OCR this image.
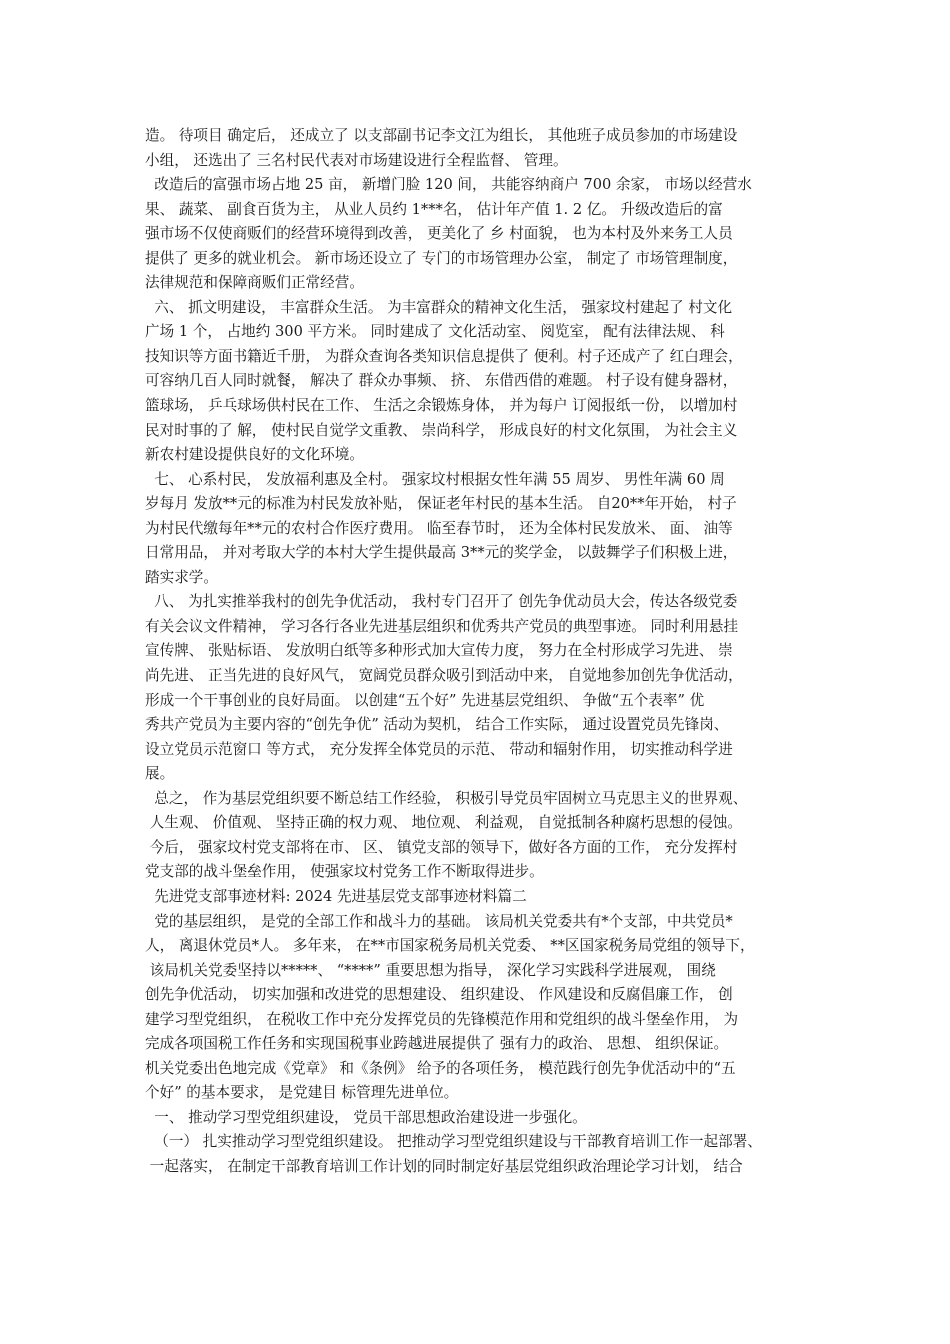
造。 待项目 确定后， 还成立了 以支部副书记李文江为组长， 其他班子成员参加的市场建设
小组， 还选出了 三名村民代表对市场建设进行全程监督、 管理。
改造后的富强市场占地 25 亩， 新增门脸 120 间， 共能容纳商户 700 余家， 市场以经营水
果、 蔬菜、 副食百货为主， 从业人员约 1***名， 估计年产值 1. 2 亿。 升级改造后的富
强市场不仅使商贩们的经营环境得到改善， 更美化了 乡 村面貌， 也为本村及外来务工人员
提供了 更多的就业机会。 新市场还设立了 专门的市场管理办公室， 制定了 市场管理制度，
法律规范和保障商贩们正常经营。
六、 抓文明建设， 丰富群众生活。 为丰富群众的精神文化生活， 强家坟村建起了 村文化
广场 1 个， 占地约 300 平方米。 同时建成了 文化活动室、 阅览室， 配有法律法规、 科
技知识等方面书籍近千册， 为群众查询各类知识信息提供了 便利。村子还成产了 红白理会，
可容纳几百人同时就餐， 解决了 群众办事频、 挤、 东借西借的难题。 村子设有健身器材，
篮球场， 乒乓球场供村民在工作、 生活之余锻炼身体， 并为每户 订阅报纸一份， 以增加村
民对时事的了 解， 使村民自觉学文重教、 崇尚科学， 形成良好的村文化氛围， 为社会主义
新农村建设提供良好的文化环境。
七、 心系村民， 发放福利惠及全村。 强家坟村根据女性年满 55 周岁、 男性年满 60 周
岁每月 发放**元的标准为村民发放补贴， 保证老年村民的基本生活。 自20**年开始， 村子
为村民代缴每年**元的农村合作医疗费用。 临至春节时， 还为全体村民发放米、 面、 油等
日常用品， 并对考取大学的本村大学生提供最高 3**元的奖学金， 以鼓舞学子们积极上进，
踏实求学。
八、 为扎实推举我村的创先争优活动， 我村专门召开了 创先争优动员大会，传达各级党委
有关会议文件精神， 学习各行各业先进基层组织和优秀共产党员的典型事迹。 同时利用悬挂
宣传牌、 张贴标语、 发放明白纸等多种形式加大宣传力度， 努力在全村形成学习先进、 崇
尚先进、 正当先进的良好风气， 宽阔党员群众吸引到活动中来， 自觉地参加创先争优活动，
形成一个干事创业的良好局面。 以创建“五个好” 先进基层党组织、 争做“五个表率” 优
秀共产党员为主要内容的“创先争优” 活动为契机， 结合工作实际， 通过设置党员先锋岗、
设立党员示范窗口 等方式， 充分发挥全体党员的示范、 带动和辐射作用， 切实推动科学进
展。
总之， 作为基层党组织要不断总结工作经验， 积极引导党员牢固树立马克思主义的世界观、
人生观、 价值观、 坚持正确的权力观、 地位观、 利益观， 自觉抵制各种腐朽思想的侵蚀。
今后， 强家坟村党支部将在市、 区、 镇党支部的领导下，做好各方面的工作， 充分发挥村
党支部的战斗堡垒作用， 使强家坟村党务工作不断取得进步。
先进党支部事迹材料: 2024 先进基层党支部事迹材料篇二
党的基层组织， 是党的全部工作和战斗力的基础。 该局机关党委共有*个支部，中共党员*
人， 离退休党员*人。 多年来， 在**市国家税务局机关党委、 **区国家税务局党组的领导下，
该局机关党委坚持以*****、 “****” 重要思想为指导， 深化学习实践科学进展观， 围绕
创先争优活动， 切实加强和改进党的思想建设、 组织建设、 作风建设和反腐倡廉工作， 创
建学习型党组织， 在税收工作中充分发挥党员的先锋模范作用和党组织的战斗堡垒作用， 为
完成各项国税工作任务和实现国税事业跨越进展提供了 强有力的政治、 思想、 组织保证。
机关党委出色地完成《党章》 和《条例》 给予的各项任务， 模范践行创先争优活动中的“五
个好” 的基本要求， 是党建目 标管理先进单位。
一、 推动学习型党组织建设， 党员干部思想政治建设进一步强化。
（一） 扎实推动学习型党组织建设。 把推动学习型党组织建设与干部教育培训工作一起部署、
一起落实， 在制定干部教育培训工作计划的同时制定好基层党组织政治理论学习计划， 结合
